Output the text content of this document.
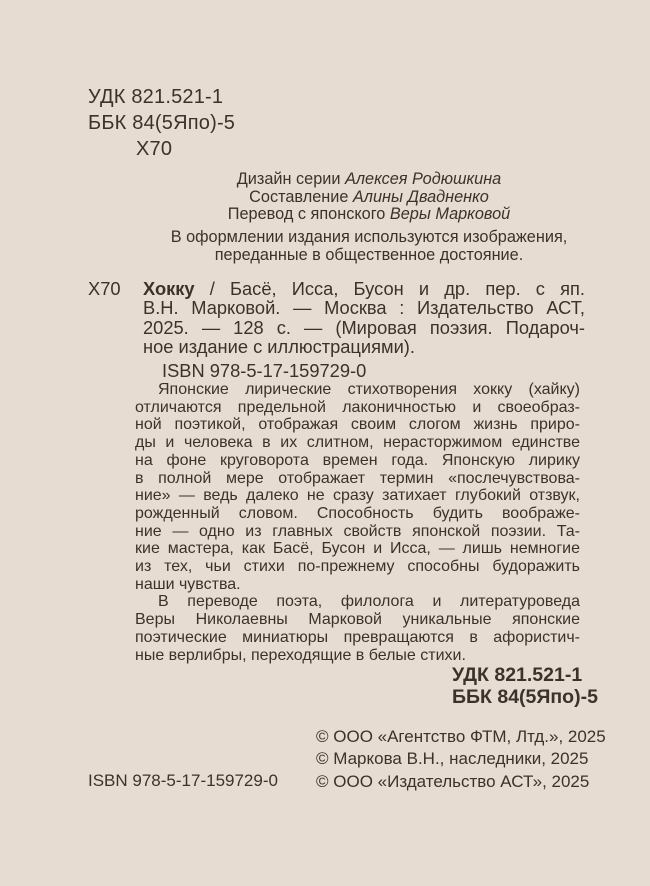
УДК 821.521-1
ББК 84(5Япо)-5
Х70
Дизайн серии Алексея Родюшкина
Составление Алины Двадненко
Перевод с японского Веры Марковой
В оформлении издания используются изображения,
переданные в общественное достояние.
Х70 Хокку / Басё, Исса, Бусон и др. пер. с яп.
В.Н. Марковой. — Москва : Издательство АСТ,
2025. — 128 с. — (Мировая поэзия. Подароч-
ное издание с иллюстрациями).
ISBN 978-5-17-159729-0
Японские лирические стихотворения хокку (хайку)
отличаются предельной лаконичностью и своеобраз-
ной поэтикой, отображая своим слогом жизнь приро-
ды и человека в их слитном, нерасторжимом единстве
на фоне круговорота времен года. Японскую лирику
в полной мере отображает термин «послечувствова-
ние» — ведь далеко не сразу затихает глубокий отзвук,
рожденный словом. Способность будить воображе-
ние — одно из главных свойств японской поэзии. Та-
кие мастера, как Басё, Бусон и Исса, — лишь немногие
из тех, чьи стихи по-прежнему способны будоражить
наши чувства.
В переводе поэта, филолога и литературоведа
Веры Николаевны Марковой уникальные японские
поэтические миниатюры превращаются в афористич-
ные верлибры, переходящие в белые стихи.
УДК 821.521-1
ББК 84(5Япо)-5
ISBN 978-5-17-159729-0
© ООО «Агентство ФТМ, Лтд.», 2025
© Маркова В.Н., наследники, 2025
© ООО «Издательство АСТ», 2025
